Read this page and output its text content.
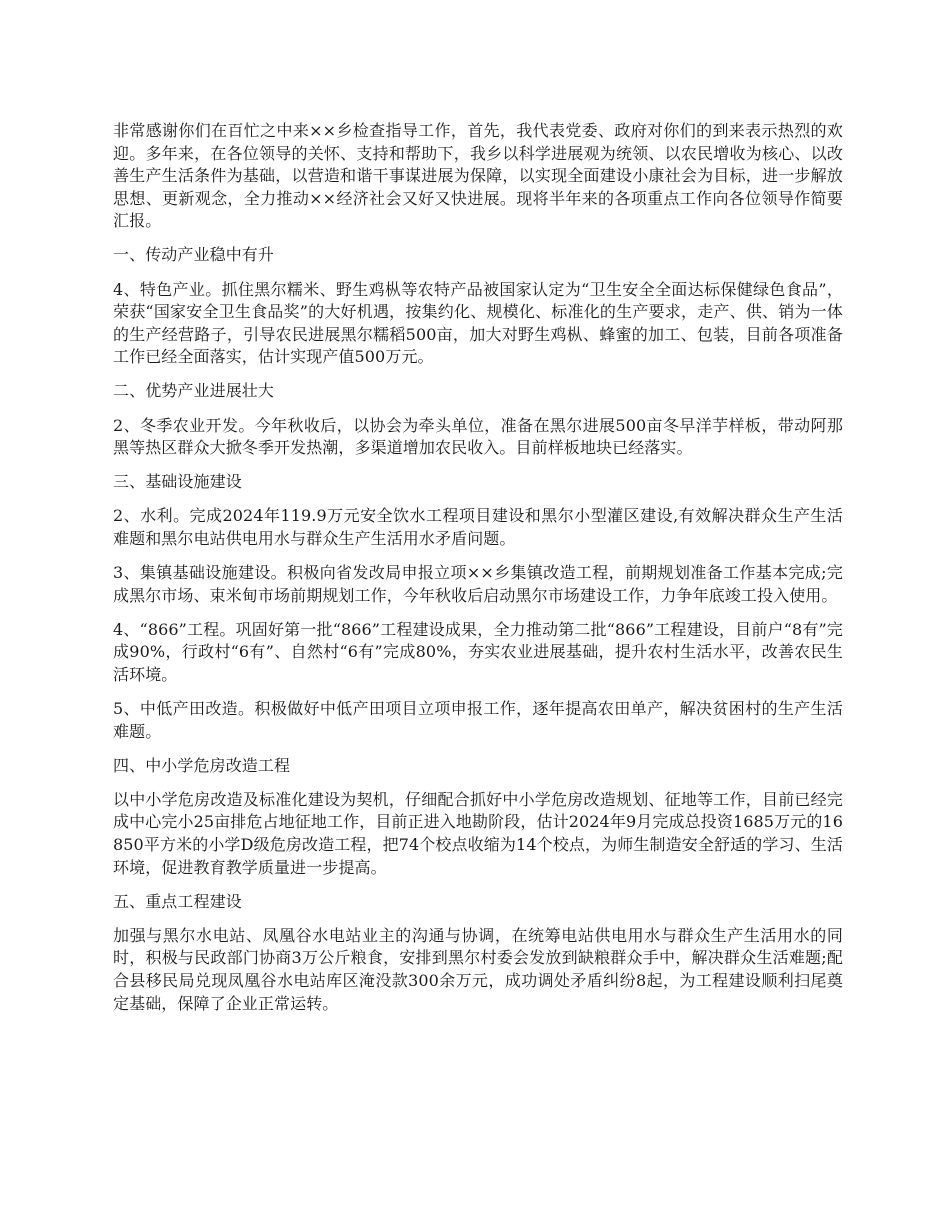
非常感谢你们在百忙之中来××乡检查指导工作，首先，我代表党委、政府对你们的到来表示热烈的欢迎。多年来，在各位领导的关怀、支持和帮助下，我乡以科学进展观为统领、以农民增收为核心、以改善生产生活条件为基础，以营造和谐干事谋进展为保障，以实现全面建设小康社会为目标，进一步解放思想、更新观念，全力推动××经济社会又好又快进展。现将半年来的各项重点工作向各位领导作简要汇报。

一、传动产业稳中有升

4、特色产业。抓住黑尔糯米、野生鸡枞等农特产品被国家认定为“卫生安全全面达标保健绿色食品”，荣获“国家安全卫生食品奖”的大好机遇，按集约化、规模化、标准化的生产要求，走产、供、销为一体的生产经营路子，引导农民进展黑尔糯稻500亩，加大对野生鸡枞、蜂蜜的加工、包装，目前各项准备工作已经全面落实，估计实现产值500万元。

二、优势产业进展壮大

2、冬季农业开发。今年秋收后，以协会为牵头单位，准备在黑尔进展500亩冬早洋芋样板，带动阿那黑等热区群众大掀冬季开发热潮，多渠道增加农民收入。目前样板地块已经落实。

三、基础设施建设

2、水利。完成2024年119.9万元安全饮水工程项目建设和黑尔小型灌区建设,有效解决群众生产生活难题和黑尔电站供电用水与群众生产生活用水矛盾问题。

3、集镇基础设施建设。积极向省发改局申报立项××乡集镇改造工程，前期规划准备工作基本完成;完成黑尔市场、束米甸市场前期规划工作，今年秋收后启动黑尔市场建设工作，力争年底竣工投入使用。

4、“866”工程。巩固好第一批“866”工程建设成果，全力推动第二批“866”工程建设，目前户“8有”完成90%，行政村“6有”、自然村“6有”完成80%，夯实农业进展基础，提升农村生活水平，改善农民生活环境。

5、中低产田改造。积极做好中低产田项目立项申报工作，逐年提高农田单产，解决贫困村的生产生活难题。

四、中小学危房改造工程

以中小学危房改造及标准化建设为契机，仔细配合抓好中小学危房改造规划、征地等工作，目前已经完成中心完小25亩排危占地征地工作，目前正进入地勘阶段，估计2024年9月完成总投资1685万元的16850平方米的小学D级危房改造工程，把74个校点收缩为14个校点，为师生制造安全舒适的学习、生活环境，促进教育教学质量进一步提高。

五、重点工程建设

加强与黑尔水电站、凤凰谷水电站业主的沟通与协调，在统筹电站供电用水与群众生产生活用水的同时，积极与民政部门协商3万公斤粮食，安排到黑尔村委会发放到缺粮群众手中，解决群众生活难题;配合县移民局兑现凤凰谷水电站库区淹没款300余万元，成功调处矛盾纠纷8起，为工程建设顺利扫尾奠定基础，保障了企业正常运转。
